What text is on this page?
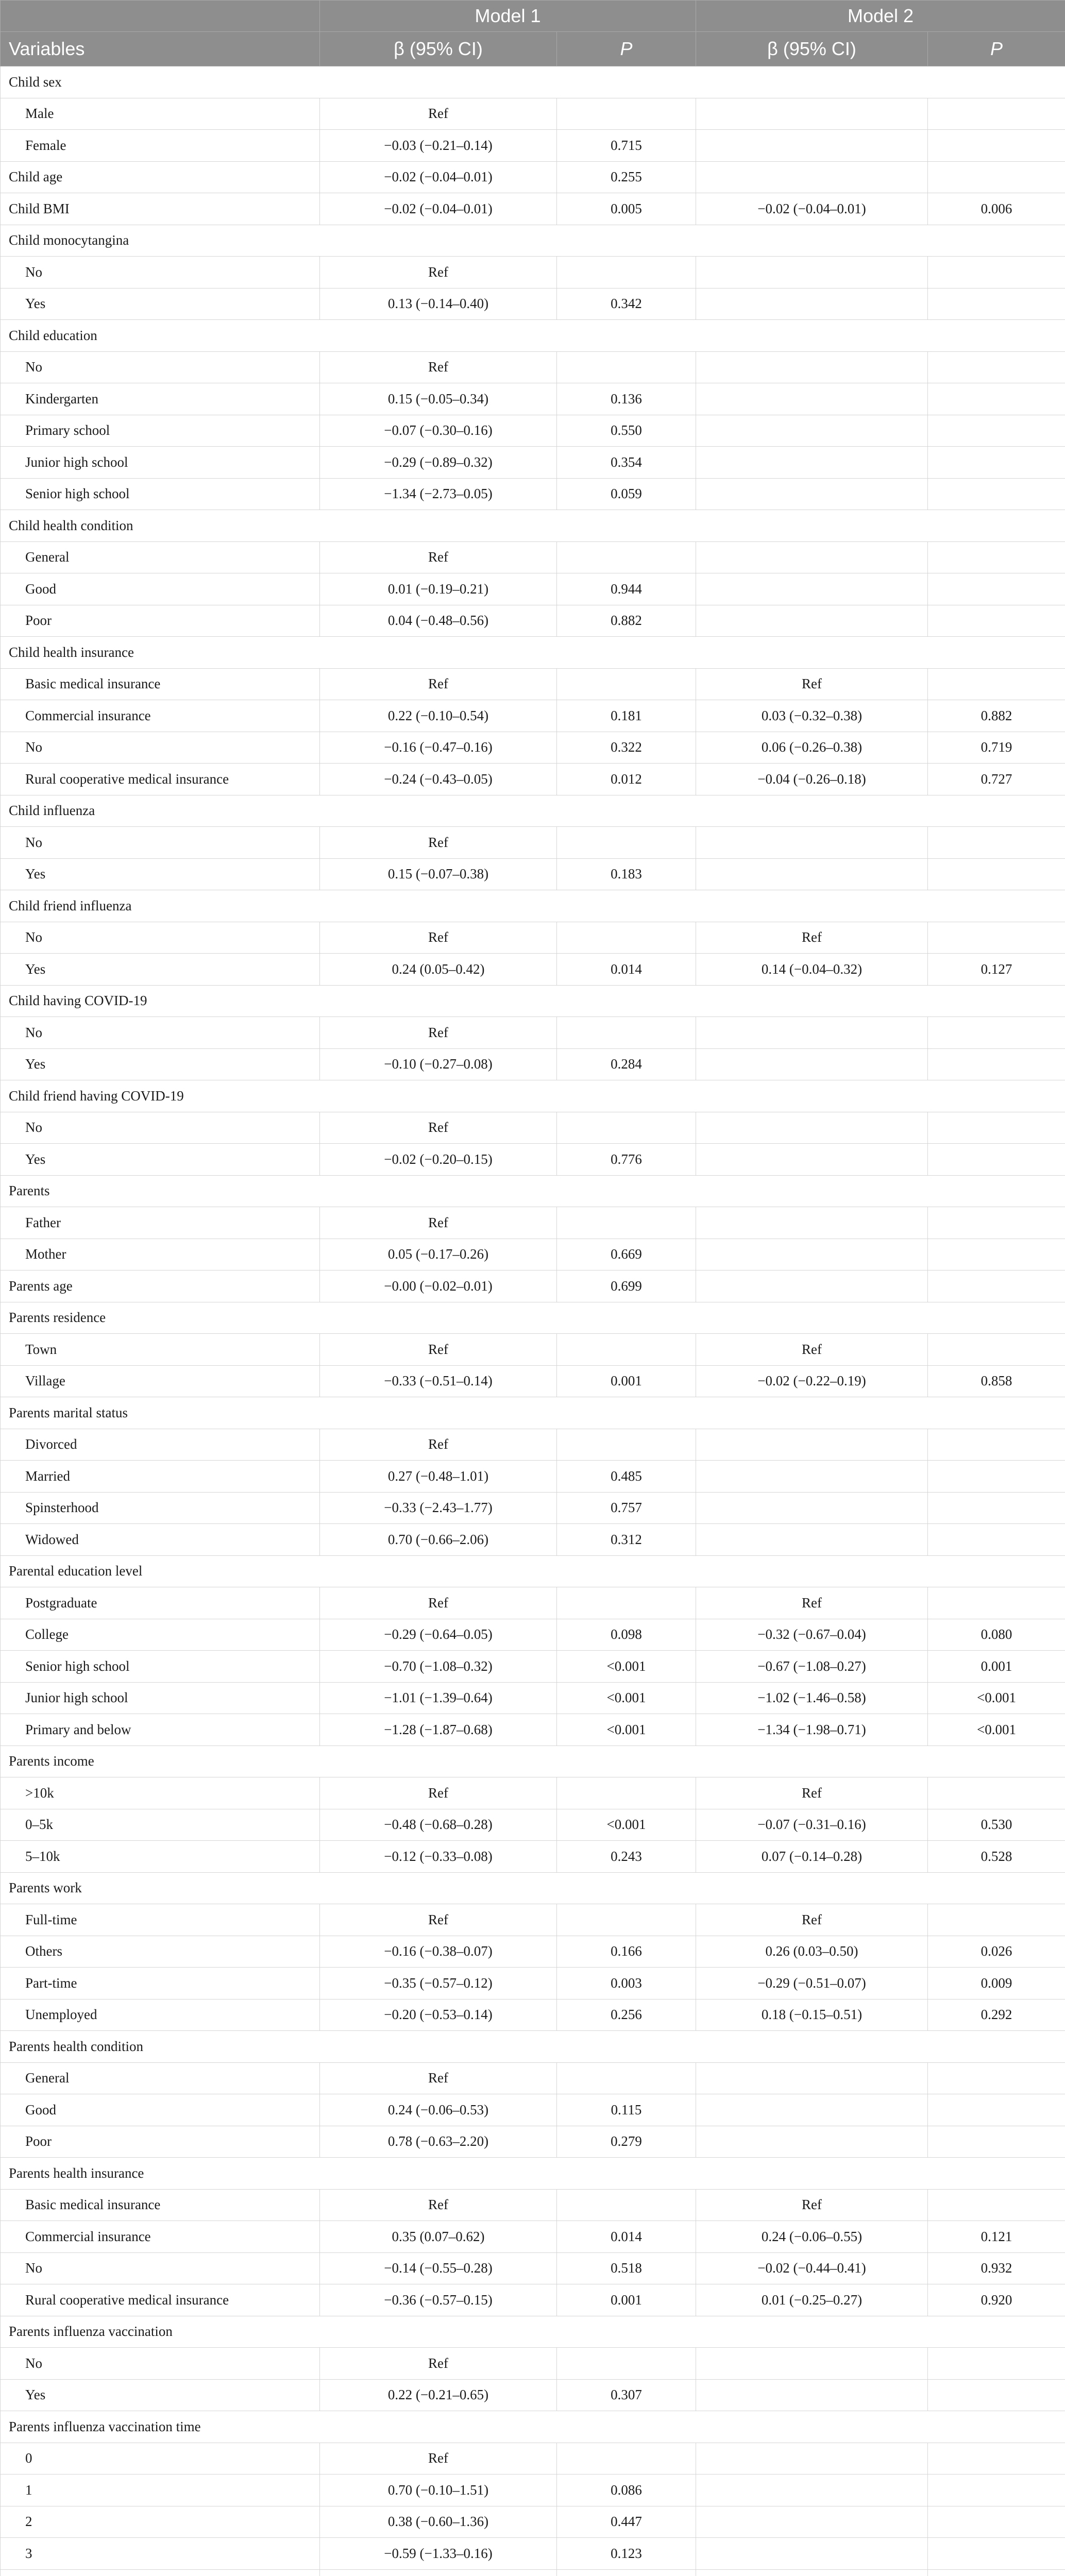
	Model 1		Model 2	
Variables	β (95% CI)	P	β (95% CI)	P
Child sex				
Male	Ref			
Female	−0.03 (−0.21–0.14)	0.715		
Child age	−0.02 (−0.04–0.01)	0.255		
Child BMI	−0.02 (−0.04–0.01)	0.005	−0.02 (−0.04–0.01)	0.006
Child monocytangina				
No	Ref			
Yes	0.13 (−0.14–0.40)	0.342		
Child education				
No	Ref			
Kindergarten	0.15 (−0.05–0.34)	0.136		
Primary school	−0.07 (−0.30–0.16)	0.550		
Junior high school	−0.29 (−0.89–0.32)	0.354		
Senior high school	−1.34 (−2.73–0.05)	0.059		
Child health condition				
General	Ref			
Good	0.01 (−0.19–0.21)	0.944		
Poor	0.04 (−0.48–0.56)	0.882		
Child health insurance				
Basic medical insurance	Ref		Ref	
Commercial insurance	0.22 (−0.10–0.54)	0.181	0.03 (−0.32–0.38)	0.882
No	−0.16 (−0.47–0.16)	0.322	0.06 (−0.26–0.38)	0.719
Rural cooperative medical insurance	−0.24 (−0.43–0.05)	0.012	−0.04 (−0.26–0.18)	0.727
Child influenza				
No	Ref			
Yes	0.15 (−0.07–0.38)	0.183		
Child friend influenza				
No	Ref		Ref	
Yes	0.24 (0.05–0.42)	0.014	0.14 (−0.04–0.32)	0.127
Child having COVID-19				
No	Ref			
Yes	−0.10 (−0.27–0.08)	0.284		
Child friend having COVID-19				
No	Ref			
Yes	−0.02 (−0.20–0.15)	0.776		
Parents				
Father	Ref			
Mother	0.05 (−0.17–0.26)	0.669		
Parents age	−0.00 (−0.02–0.01)	0.699		
Parents residence				
Town	Ref		Ref	
Village	−0.33 (−0.51–0.14)	0.001	−0.02 (−0.22–0.19)	0.858
Parents marital status				
Divorced	Ref			
Married	0.27 (−0.48–1.01)	0.485		
Spinsterhood	−0.33 (−2.43–1.77)	0.757		
Widowed	0.70 (−0.66–2.06)	0.312		
Parental education level				
Postgraduate	Ref		Ref	
College	−0.29 (−0.64–0.05)	0.098	−0.32 (−0.67–0.04)	0.080
Senior high school	−0.70 (−1.08–0.32)	<0.001	−0.67 (−1.08–0.27)	0.001
Junior high school	−1.01 (−1.39–0.64)	<0.001	−1.02 (−1.46–0.58)	<0.001
Primary and below	−1.28 (−1.87–0.68)	<0.001	−1.34 (−1.98–0.71)	<0.001
Parents income				
>10k	Ref		Ref	
0–5k	−0.48 (−0.68–0.28)	<0.001	−0.07 (−0.31–0.16)	0.530
5–10k	−0.12 (−0.33–0.08)	0.243	0.07 (−0.14–0.28)	0.528
Parents work				
Full-time	Ref		Ref	
Others	−0.16 (−0.38–0.07)	0.166	0.26 (0.03–0.50)	0.026
Part-time	−0.35 (−0.57–0.12)	0.003	−0.29 (−0.51–0.07)	0.009
Unemployed	−0.20 (−0.53–0.14)	0.256	0.18 (−0.15–0.51)	0.292
Parents health condition				
General	Ref			
Good	0.24 (−0.06–0.53)	0.115		
Poor	0.78 (−0.63–2.20)	0.279		
Parents health insurance				
Basic medical insurance	Ref		Ref	
Commercial insurance	0.35 (0.07–0.62)	0.014	0.24 (−0.06–0.55)	0.121
No	−0.14 (−0.55–0.28)	0.518	−0.02 (−0.44–0.41)	0.932
Rural cooperative medical insurance	−0.36 (−0.57–0.15)	0.001	0.01 (−0.25–0.27)	0.920
Parents influenza vaccination				
No	Ref			
Yes	0.22 (−0.21–0.65)	0.307		
Parents influenza vaccination time				
0	Ref			
1	0.70 (−0.10–1.51)	0.086		
2	0.38 (−0.60–1.36)	0.447		
3	−0.59 (−1.33–0.16)	0.123		
